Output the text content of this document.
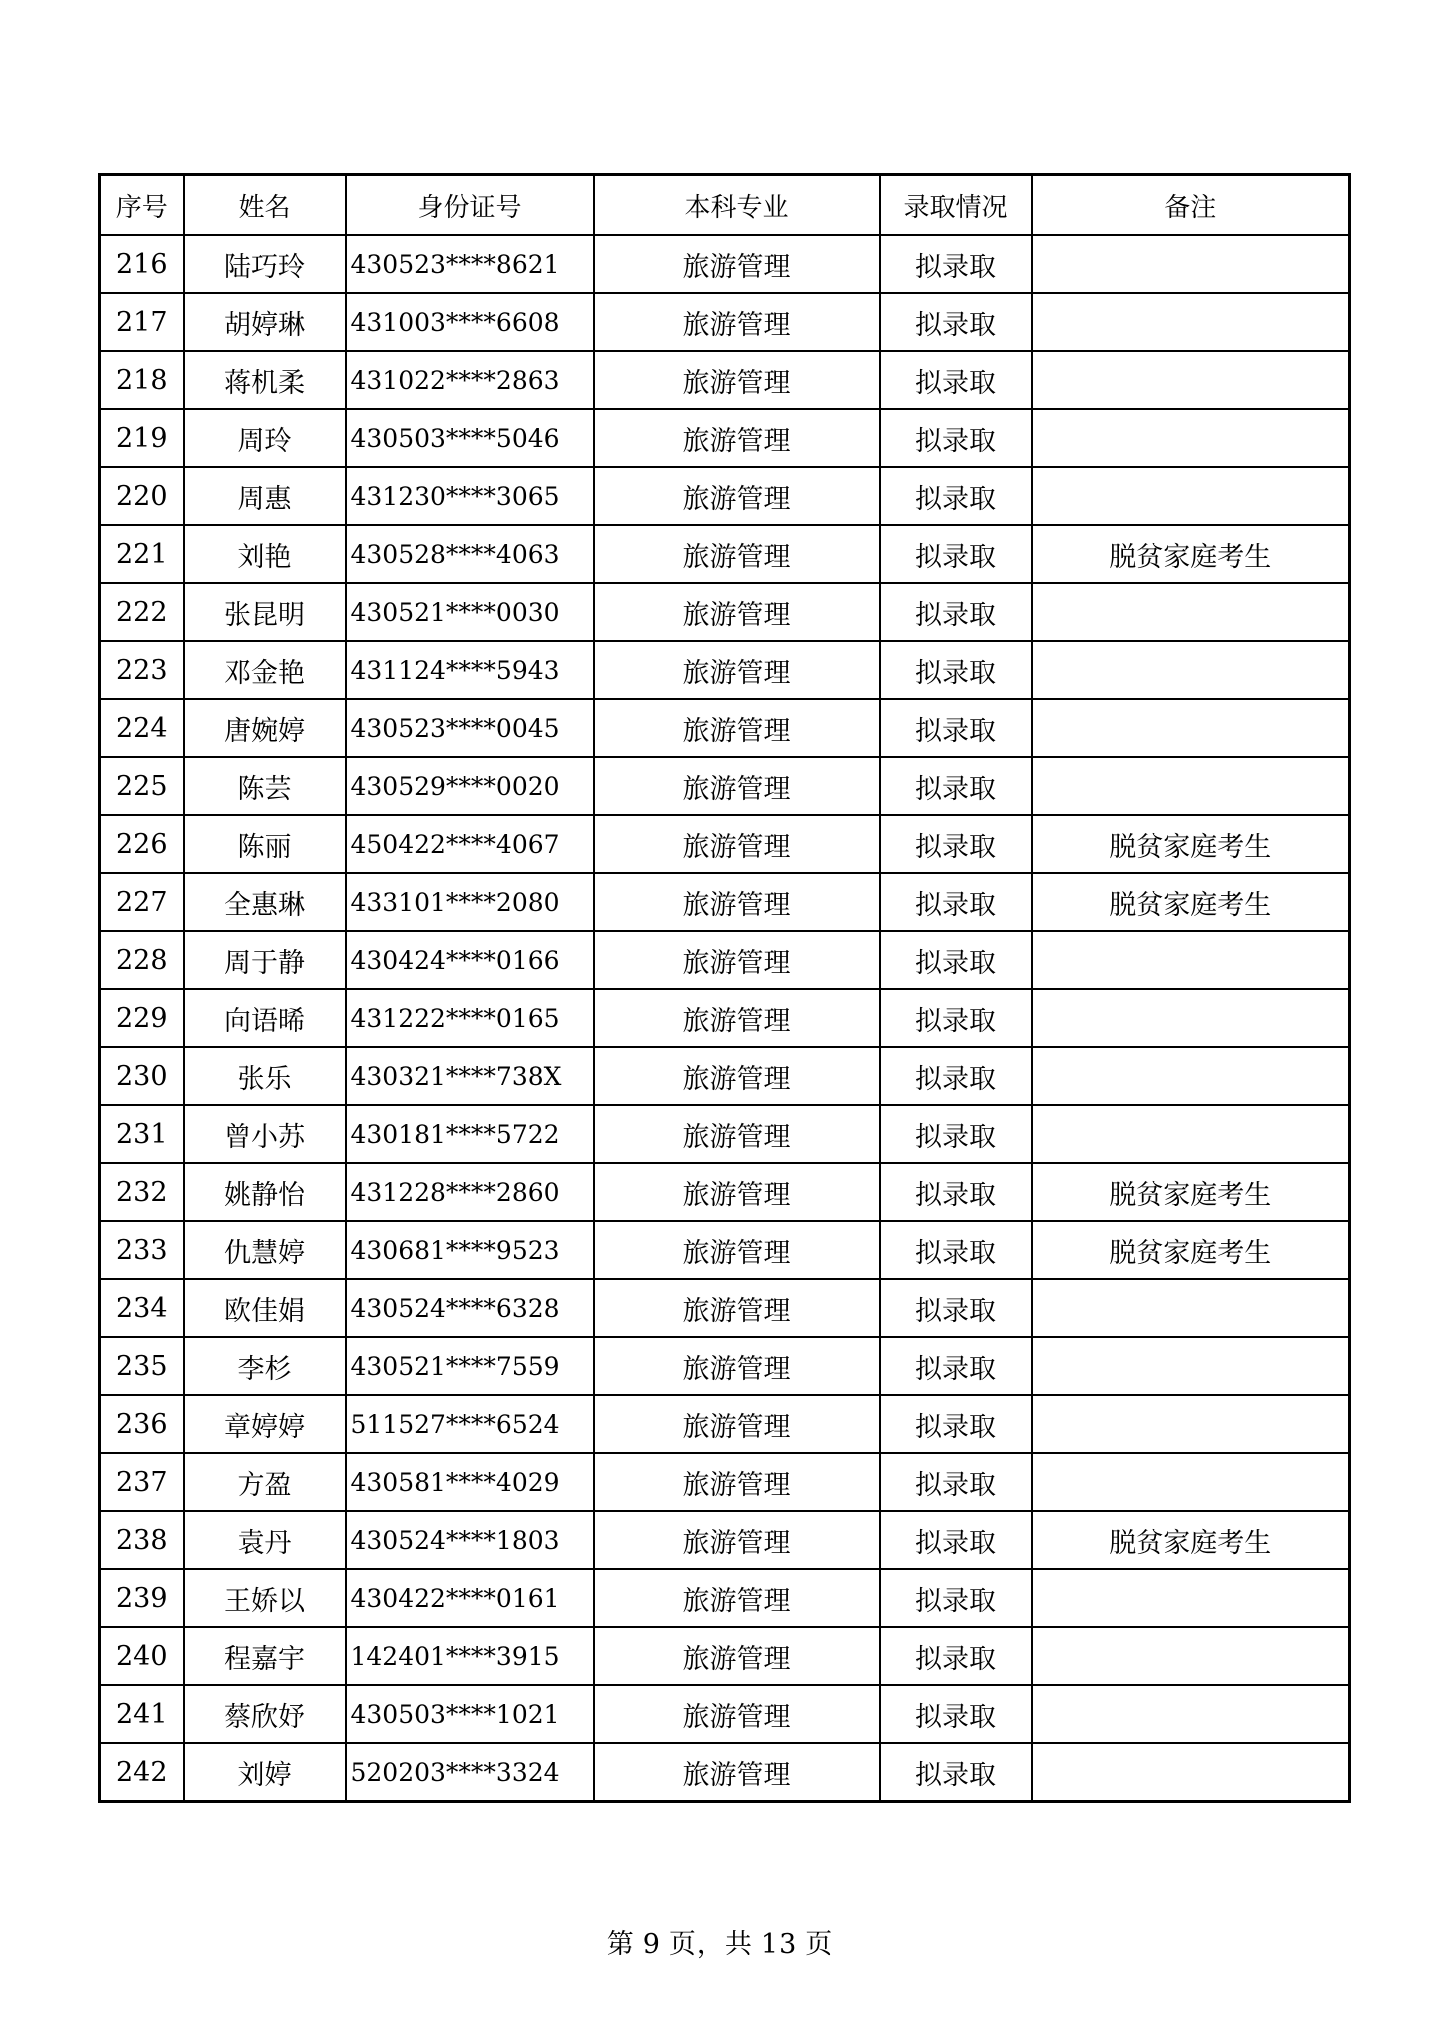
序号	姓名	身份证号	本科专业	录取情况	备注
216	陆巧玲	430523****8621	旅游管理	拟录取	
217	胡婷琳	431003****6608	旅游管理	拟录取	
218	蒋机柔	431022****2863	旅游管理	拟录取	
219	周玲	430503****5046	旅游管理	拟录取	
220	周惠	431230****3065	旅游管理	拟录取	
221	刘艳	430528****4063	旅游管理	拟录取	脱贫家庭考生
222	张昆明	430521****0030	旅游管理	拟录取	
223	邓金艳	431124****5943	旅游管理	拟录取	
224	唐婉婷	430523****0045	旅游管理	拟录取	
225	陈芸	430529****0020	旅游管理	拟录取	
226	陈丽	450422****4067	旅游管理	拟录取	脱贫家庭考生
227	全惠琳	433101****2080	旅游管理	拟录取	脱贫家庭考生
228	周于静	430424****0166	旅游管理	拟录取	
229	向语晞	431222****0165	旅游管理	拟录取	
230	张乐	430321****738X	旅游管理	拟录取	
231	曾小苏	430181****5722	旅游管理	拟录取	
232	姚静怡	431228****2860	旅游管理	拟录取	脱贫家庭考生
233	仇慧婷	430681****9523	旅游管理	拟录取	脱贫家庭考生
234	欧佳娟	430524****6328	旅游管理	拟录取	
235	李杉	430521****7559	旅游管理	拟录取	
236	章婷婷	511527****6524	旅游管理	拟录取	
237	方盈	430581****4029	旅游管理	拟录取	
238	袁丹	430524****1803	旅游管理	拟录取	脱贫家庭考生
239	王娇以	430422****0161	旅游管理	拟录取	
240	程嘉宇	142401****3915	旅游管理	拟录取	
241	蔡欣妤	430503****1021	旅游管理	拟录取	
242	刘婷	520203****3324	旅游管理	拟录取	
第 9 页，共 13 页
